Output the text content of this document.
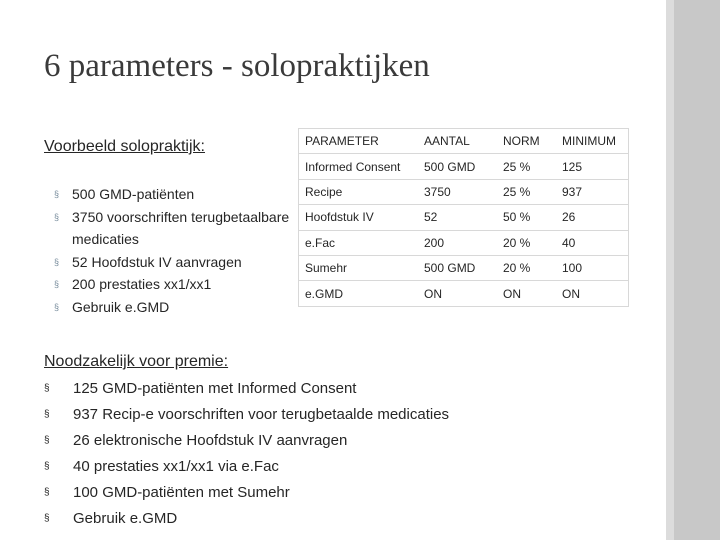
6 parameters - solopraktijken
Voorbeeld solopraktijk:
§ 500 GMD-patiënten
§ 3750 voorschriften terugbetaalbare
medicaties
§ 52 Hoofdstuk IV aanvragen
§ 200 prestaties xx1/xx1
§ Gebruik e.GMD
PARAMETER	AANTAL	NORM	MINIMUM
Informed Consent	500 GMD	25 %	125
Recipe	3750	25 %	937
Hoofdstuk IV	52	50 %	26
e.Fac	200	20 %	40
Sumehr	500 GMD	20 %	100
e.GMD	ON	ON	ON
Noodzakelijk voor premie:
§ 125 GMD-patiënten met Informed Consent
§ 937 Recip-e voorschriften voor terugbetaalde medicaties
§ 26 elektronische Hoofdstuk IV aanvragen
§ 40 prestaties xx1/xx1 via e.Fac
§ 100 GMD-patiënten met Sumehr
§ Gebruik e.GMD
